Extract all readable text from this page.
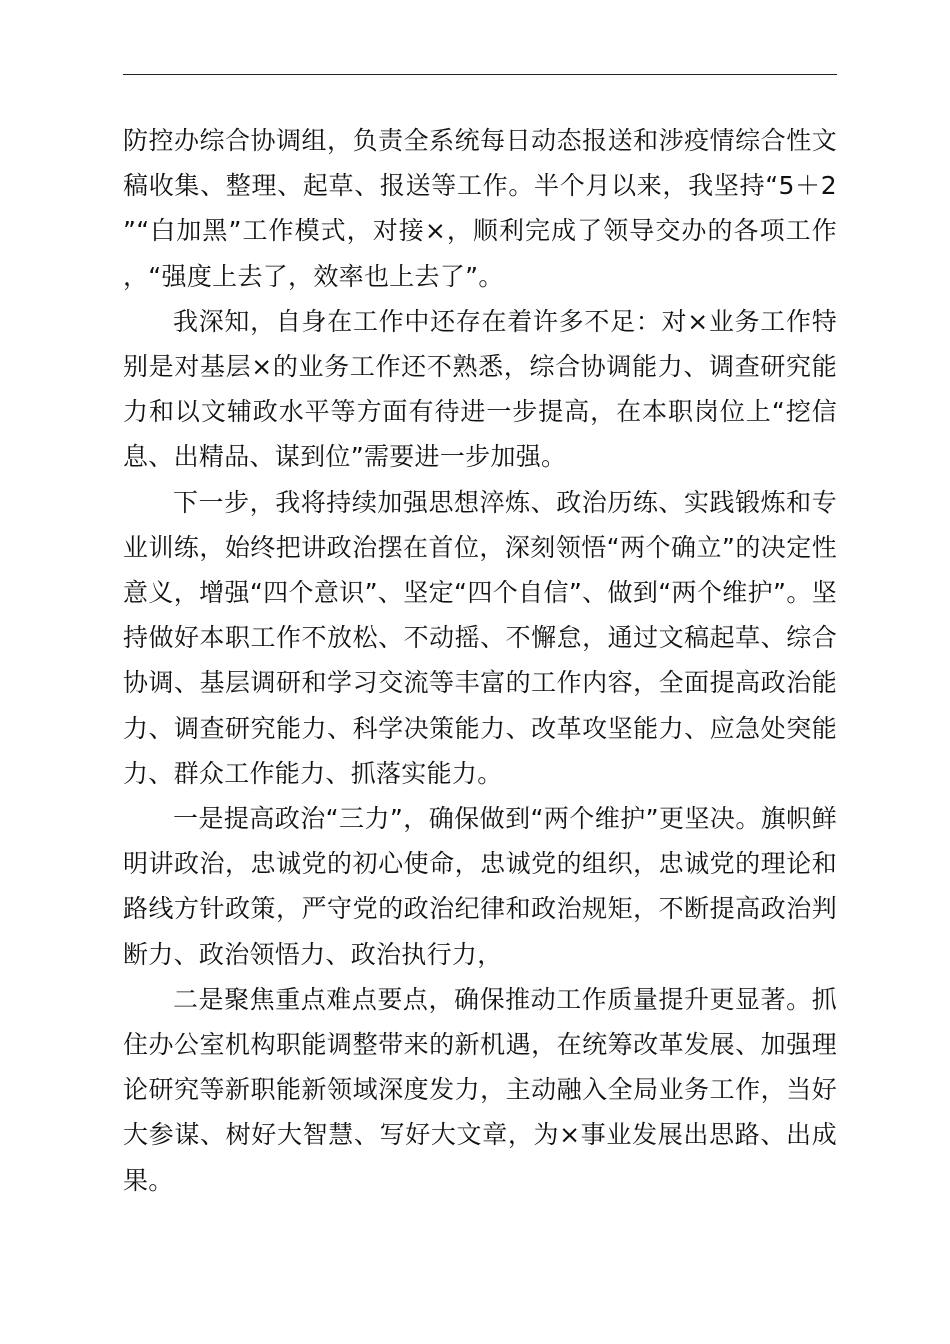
防控办综合协调组，负责全系统每日动态报送和涉疫情综合性文稿收集、整理、起草、报送等工作。半个月以来，我坚持“5＋2”“白加黑”工作模式，对接×，顺利完成了领导交办的各项工作，“强度上去了，效率也上去了”。

我深知，自身在工作中还存在着许多不足：对×业务工作特别是对基层×的业务工作还不熟悉，综合协调能力、调查研究能力和以文辅政水平等方面有待进一步提高，在本职岗位上“挖信息、出精品、谋到位”需要进一步加强。

下一步，我将持续加强思想淬炼、政治历练、实践锻炼和专业训练，始终把讲政治摆在首位，深刻领悟“两个确立”的决定性意义，增强“四个意识”、坚定“四个自信”、做到“两个维护”。坚持做好本职工作不放松、不动摇、不懈怠，通过文稿起草、综合协调、基层调研和学习交流等丰富的工作内容，全面提高政治能力、调查研究能力、科学决策能力、改革攻坚能力、应急处突能力、群众工作能力、抓落实能力。

一是提高政治“三力”，确保做到“两个维护”更坚决。旗帜鲜明讲政治，忠诚党的初心使命，忠诚党的组织，忠诚党的理论和路线方针政策，严守党的政治纪律和政治规矩，不断提高政治判断力、政治领悟力、政治执行力，

二是聚焦重点难点要点，确保推动工作质量提升更显著。抓住办公室机构职能调整带来的新机遇，在统筹改革发展、加强理论研究等新职能新领域深度发力，主动融入全局业务工作，当好大参谋、树好大智慧、写好大文章，为×事业发展出思路、出成果。
